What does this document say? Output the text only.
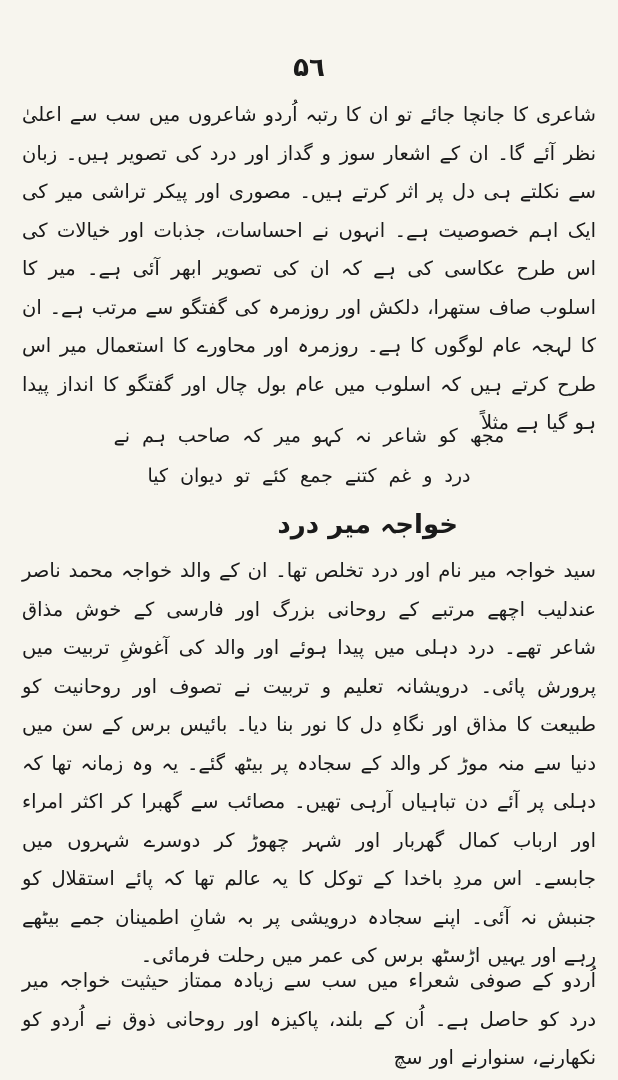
۵٦

شاعری کا جانچا جائے تو ان کا رتبہ اُردو شاعروں میں سب سے اعلیٰ نظر آئے گا۔ ان کے اشعار سوز و گداز اور درد کی تصویر ہیں۔ زبان سے نکلتے ہی دل پر اثر کرتے ہیں۔ مصوری اور پیکر تراشی میر کی ایک اہم خصوصیت ہے۔ انہوں نے احساسات، جذبات اور خیالات کی اس طرح عکاسی کی ہے کہ ان کی تصویر ابھر آئی ہے۔ میر کا اسلوب صاف ستھرا، دلکش اور روزمرہ کی گفتگو سے مرتب ہے۔ ان کا لہجہ عام لوگوں کا ہے۔ روزمرہ اور محاورے کا استعمال میر اس طرح کرتے ہیں کہ اسلوب میں عام بول چال اور گفتگو کا انداز پیدا ہو گیا ہے مثلاً

مجھ کو شاعر نہ کہو میر کہ صاحب ہم نے

درد و غم کتنے جمع کئے تو دیوان کیا

خواجہ میر درد

سید خواجہ میر نام اور درد تخلص تھا۔ ان کے والد خواجہ محمد ناصر عندلیب اچھے مرتبے کے روحانی بزرگ اور فارسی کے خوش مذاق شاعر تھے۔ درد دہلی میں پیدا ہوئے اور والد کی آغوشِ تربیت میں پرورش پائی۔ درویشانہ تعلیم و تربیت نے تصوف اور روحانیت کو طبیعت کا مذاق اور نگاہِ دل کا نور بنا دیا۔ بائیس برس کے سن میں دنیا سے منہ موڑ کر والد کے سجادہ پر بیٹھ گئے۔ یہ وہ زمانہ تھا کہ دہلی پر آئے دن تباہیاں آرہی تھیں۔ مصائب سے گھبرا کر اکثر امراء اور ارباب کمال گھربار اور شہر چھوڑ کر دوسرے شہروں میں جابسے۔ اس مردِ باخدا کے توکل کا یہ عالم تھا کہ پائے استقلال کو جنبش نہ آئی۔ اپنے سجادہ درویشی پر بہ شانِ اطمینان جمے بیٹھے رہے اور یہیں اڑسٹھ برس کی عمر میں رحلت فرمائی۔

اُردو کے صوفی شعراء میں سب سے زیادہ ممتاز حیثیت خواجہ میر درد کو حاصل ہے۔ اُن کے بلند، پاکیزہ اور روحانی ذوق نے اُردو کو نکھارنے، سنوارنے اور سچ
